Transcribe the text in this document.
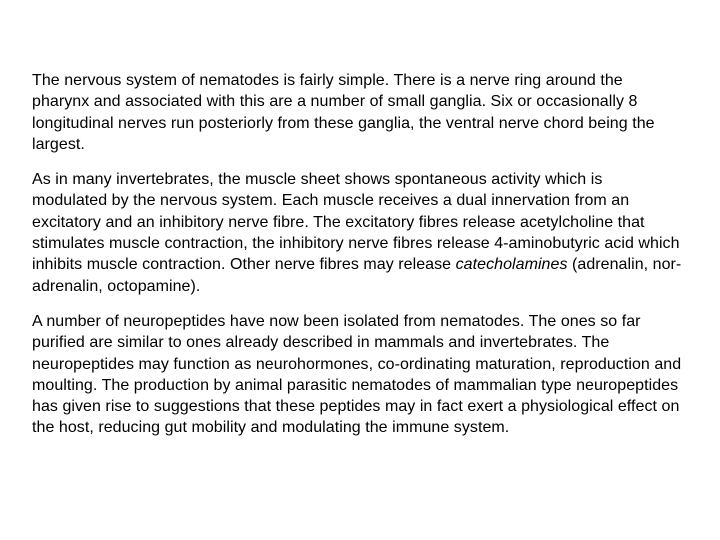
The nervous system of nematodes is fairly simple. There is a nerve ring around the pharynx and associated with this are a number of small ganglia. Six or occasionally 8 longitudinal nerves run posteriorly from these ganglia, the ventral nerve chord being the largest.

As in many invertebrates, the muscle sheet shows spontaneous activity which is modulated by the nervous system. Each muscle receives a dual innervation from an excitatory and an inhibitory nerve fibre. The excitatory fibres release acetylcholine that stimulates muscle contraction, the inhibitory nerve fibres release 4-aminobutyric acid which inhibits muscle contraction. Other nerve fibres may release catecholamines (adrenalin, nor-adrenalin, octopamine).

A number of neuropeptides have now been isolated from nematodes. The ones so far purified are similar to ones already described in mammals and invertebrates. The neuropeptides may function as neurohormones, co-ordinating maturation, reproduction and moulting. The production by animal parasitic nematodes of mammalian type neuropeptides has given rise to suggestions that these peptides may in fact exert a physiological effect on the host, reducing gut mobility and modulating the immune system.
